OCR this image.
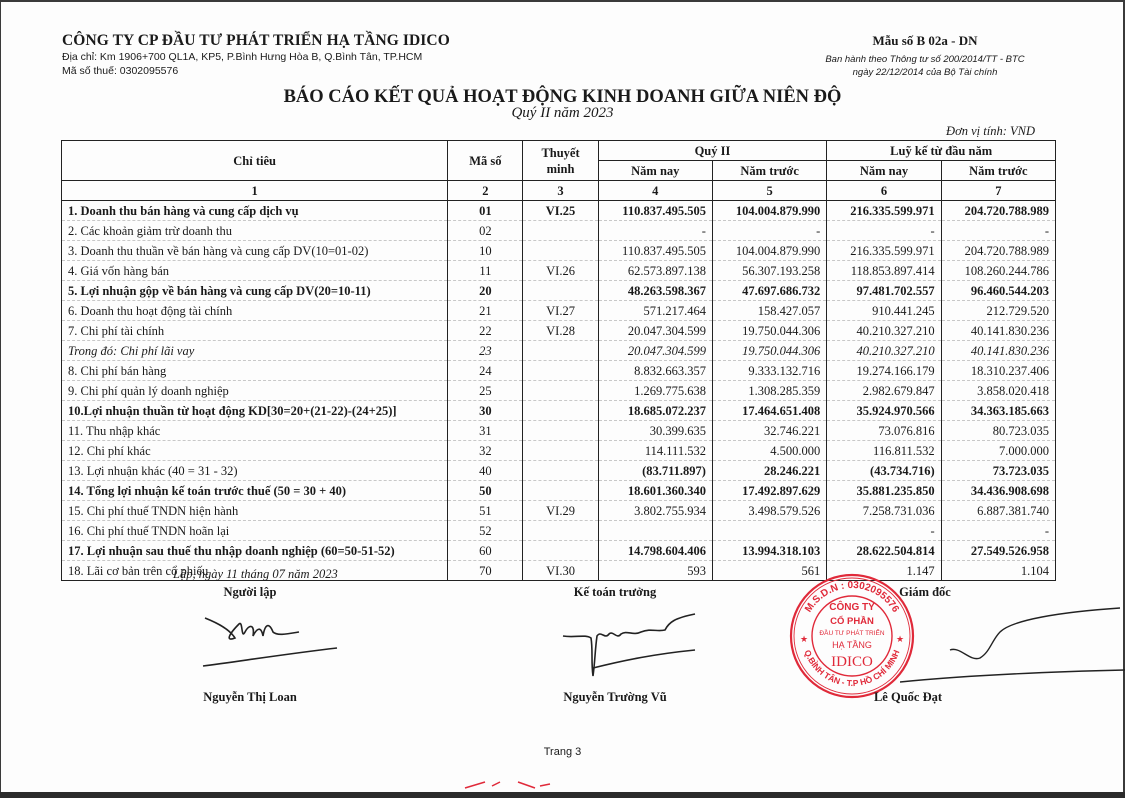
CÔNG TY CP ĐẦU TƯ PHÁT TRIỂN HẠ TẦNG IDICO
Địa chỉ: Km 1906+700 QL1A, KP5, P.Bình Hưng Hòa B, Q.Bình Tân, TP.HCM
Mã số thuế: 0302095576
Mẫu số B 02a - DN
Ban hành theo Thông tư số 200/2014/TT - BTC
ngày 22/12/2014 của Bộ Tài chính
BÁO CÁO KẾT QUẢ HOẠT ĐỘNG KINH DOANH GIỮA NIÊN ĐỘ
Quý II năm 2023
Đơn vị tính: VND
Chỉ tiêu	Mã số	Thuyết minh	Quý II		Luỹ kế từ đầu năm	
			Năm nay	Năm trước	Năm nay	Năm trước
1	2	3	4	5	6	7
1. Doanh thu bán hàng và cung cấp dịch vụ	01	VI.25	110.837.495.505	104.004.879.990	216.335.599.971	204.720.788.989
2. Các khoản giảm trừ doanh thu	02		-	-	-	-
3. Doanh thu thuần về bán hàng và cung cấp DV(10=01-02)	10		110.837.495.505	104.004.879.990	216.335.599.971	204.720.788.989
4. Giá vốn hàng bán	11	VI.26	62.573.897.138	56.307.193.258	118.853.897.414	108.260.244.786
5. Lợi nhuận gộp về bán hàng và cung cấp DV(20=10-11)	20		48.263.598.367	47.697.686.732	97.481.702.557	96.460.544.203
6. Doanh thu hoạt động tài chính	21	VI.27	571.217.464	158.427.057	910.441.245	212.729.520
7. Chi phí tài chính	22	VI.28	20.047.304.599	19.750.044.306	40.210.327.210	40.141.830.236
Trong đó: Chi phí lãi vay	23		20.047.304.599	19.750.044.306	40.210.327.210	40.141.830.236
8. Chi phí bán hàng	24		8.832.663.357	9.333.132.716	19.274.166.179	18.310.237.406
9. Chi phí quản lý doanh nghiệp	25		1.269.775.638	1.308.285.359	2.982.679.847	3.858.020.418
10.Lợi nhuận thuần từ hoạt động KD[30=20+(21-22)-(24+25)]	30		18.685.072.237	17.464.651.408	35.924.970.566	34.363.185.663
11. Thu nhập khác	31		30.399.635	32.746.221	73.076.816	80.723.035
12. Chi phí khác	32		114.111.532	4.500.000	116.811.532	7.000.000
13. Lợi nhuận khác (40 = 31 - 32)	40		(83.711.897)	28.246.221	(43.734.716)	73.723.035
14. Tổng lợi nhuận kế toán trước thuế (50 = 30 + 40)	50		18.601.360.340	17.492.897.629	35.881.235.850	34.436.908.698
15. Chi phí thuế TNDN hiện hành	51	VI.29	3.802.755.934	3.498.579.526	7.258.731.036	6.887.381.740
16. Chi phí thuế TNDN hoãn lại	52				-	-
17. Lợi nhuận sau thuế thu nhập doanh nghiệp (60=50-51-52)	60		14.798.604.406	13.994.318.103	28.622.504.814	27.549.526.958
18. Lãi cơ bản trên cổ phiếu	70	VI.30	593	561	1.147	1.104
Lập, ngày 11 tháng 07 năm 2023
Người lập	Kế toán trưởng	Giám đốc
M.S.D.N : 0302095576
Q.BÌNH TÂN - T.P HỒ CHÍ MINH
CÔNG TY
CỔ PHẦN
ĐẦU TƯ PHÁT TRIỂN
HẠ TẦNG
IDICO
★	★
Nguyễn Thị Loan	Nguyễn Trường Vũ	Lê Quốc Đạt
Trang 3
